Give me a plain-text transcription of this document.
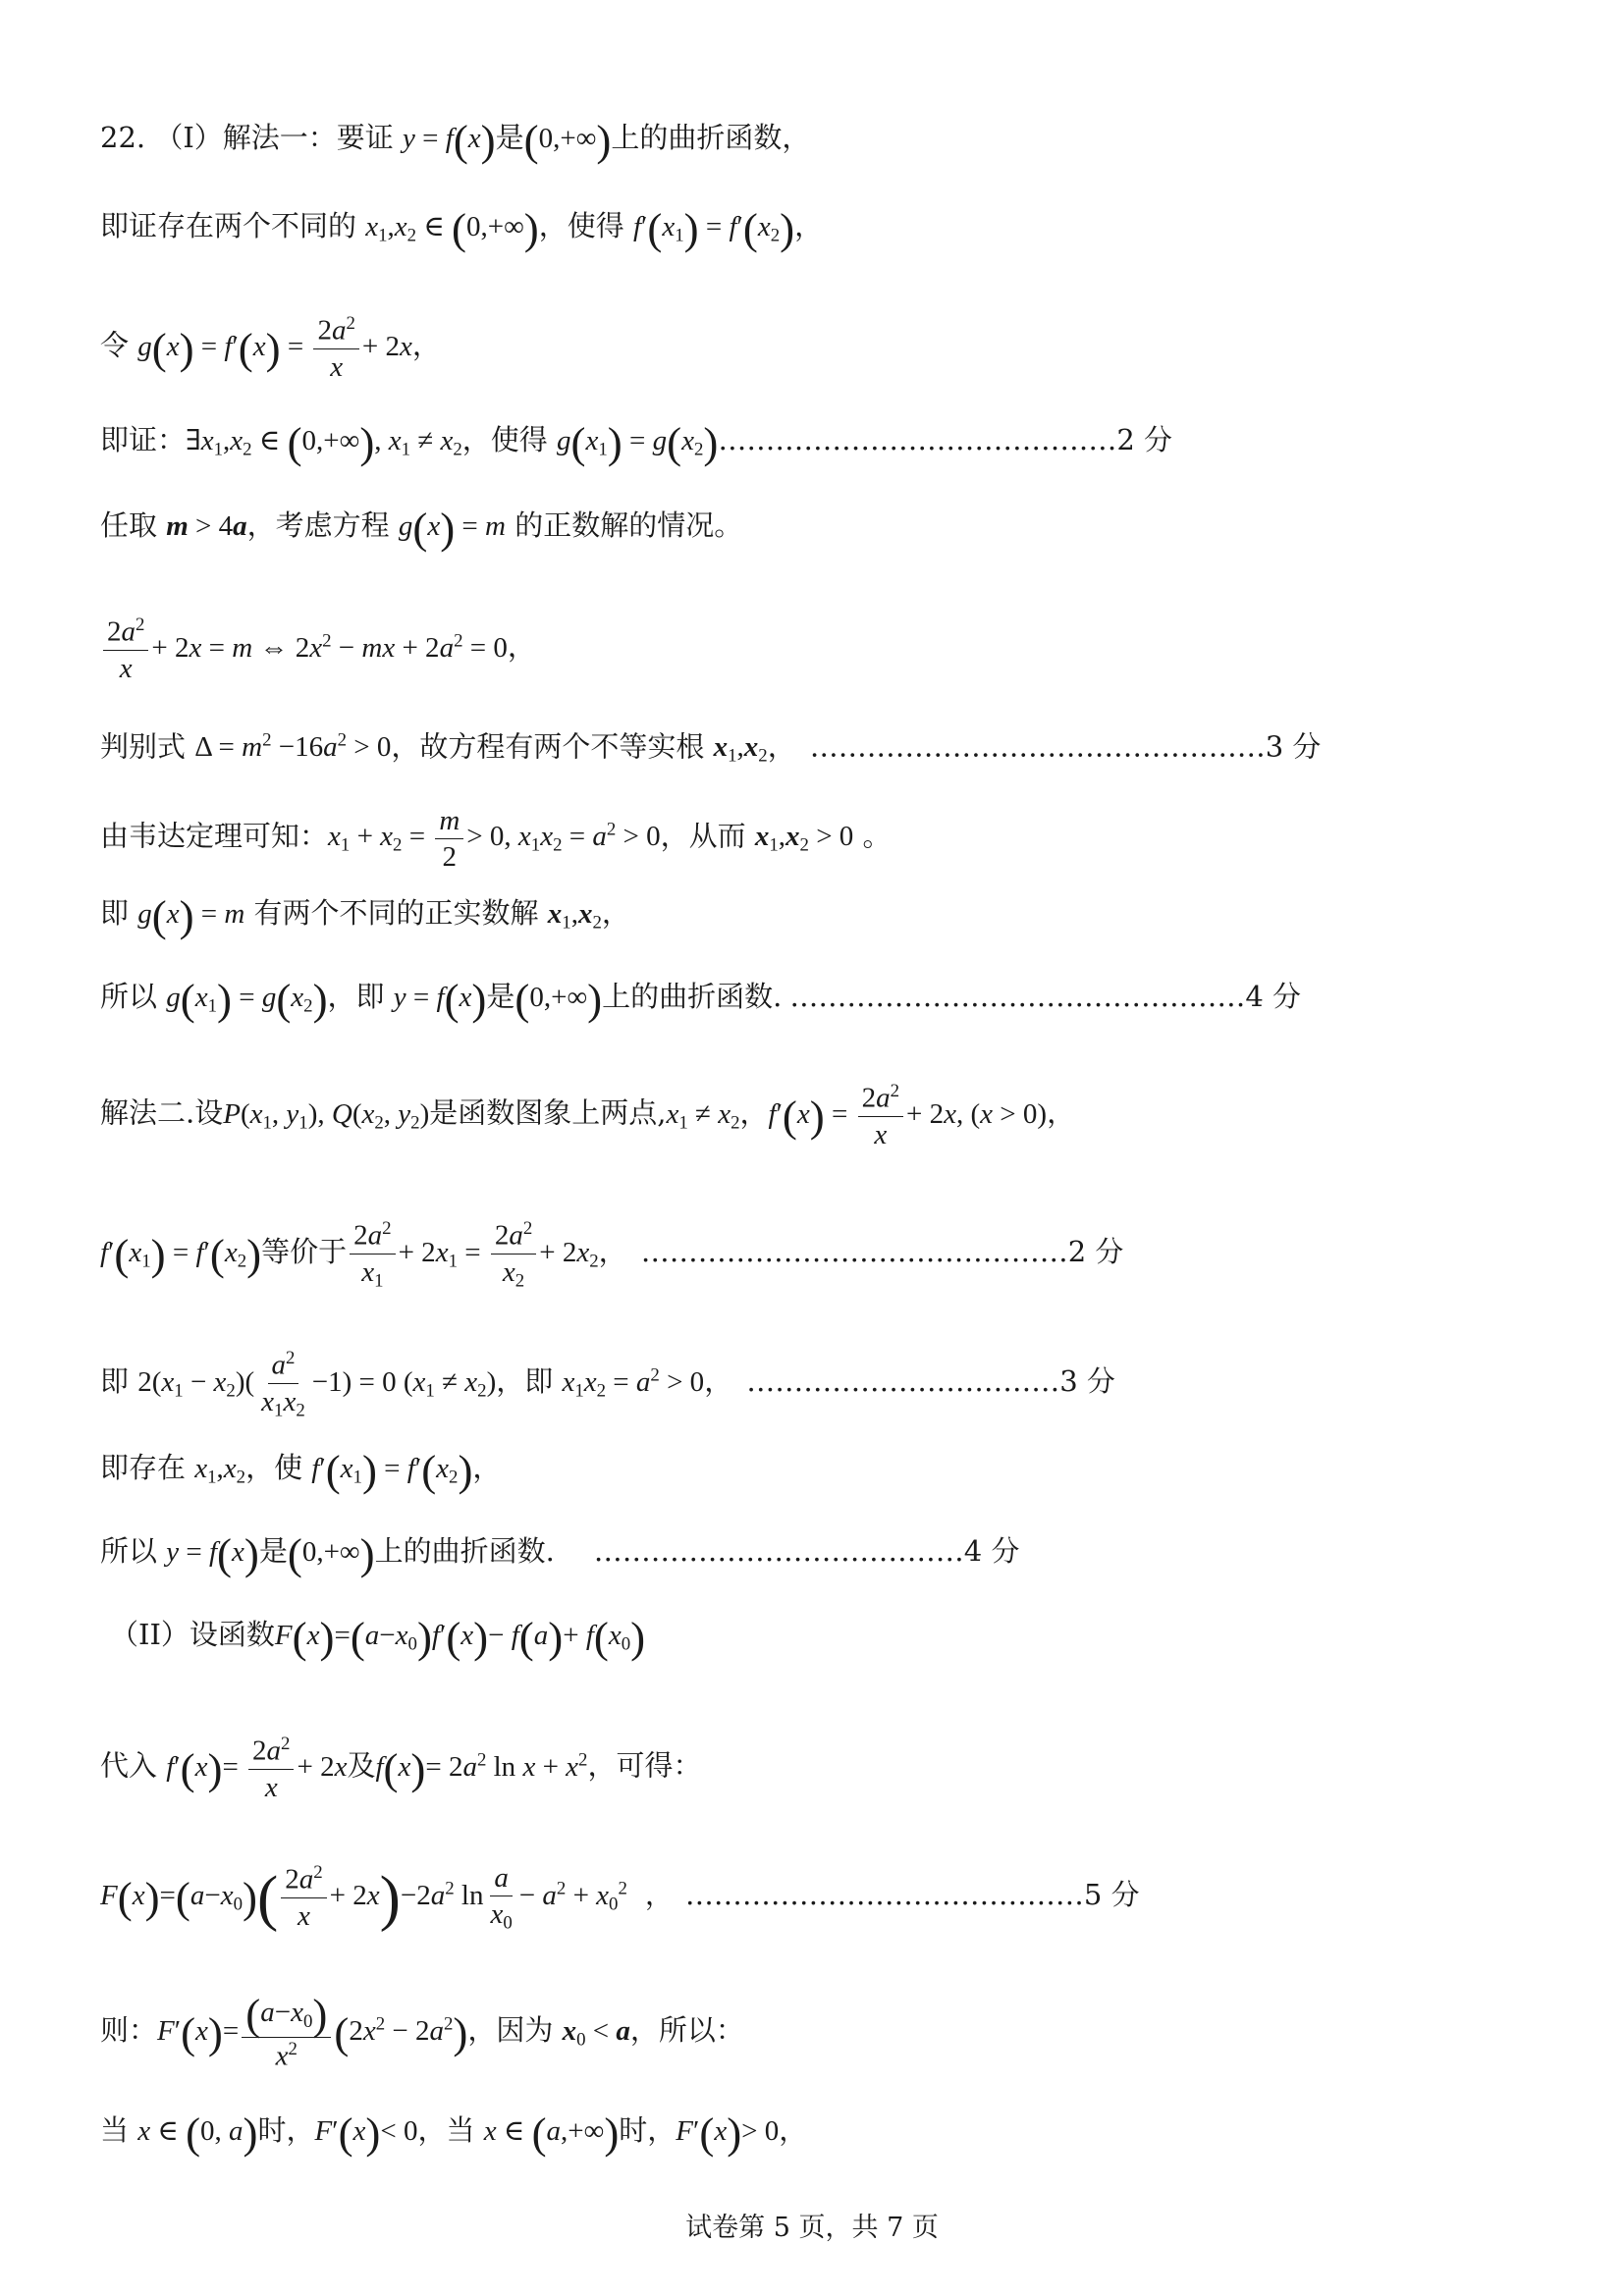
22. （I）解法一：要证 y = f(x)是(0,+∞)上的曲折函数，
即证存在两个不同的 $x_1,x_2$ ∈ (0,+∞)，使得 $f'(x_1) = f'(x_2)$，
令 $g(x) = f'(x) = \frac{2a^2}{x} + 2x$，
即证：$\exists x_1,x_2$ ∈ (0,+∞), $x_1 \ne x_2$，使得 $g(x_1)$ = $g(x_2)\dots\dots\dots\dots\dots\dots\dots\dots\dots\dots\dots\dots\dots\dots 2$ 分
任取 m > 4a，考虑方程 g(x) = m 的正数解的情况。
$\frac{2a^2}{x} + 2x = m$ ⇔ $2x^2$ − mx + $2a^2 = 0$，
判别式 $\Delta = m^2 -16a^2 > 0$，故方程有两个不等实根 $x_1,x_2$， …………………………………………3 分
由韦达定理可知：$x_1 + x_2 = \frac{m}{2} > 0$, $x_1x_2 = a^2 > 0$，从而 $x_1,x_2 > 0$ 。
即 g(x) = m 有两个不同的正实数解 $x_1,x_2$，
所以 $g(x_1) = g(x_2)$，即 y = f(x)是(0,+∞)上的曲折函数. …………………………………………4 分
解法二.设$P(x_1$, $y_1$), $Q(x_2$, $y_2$)是函数图象上两点$,x_1 \ne x_2$，$f'(x) = \frac{2a^2}{x} + 2x$, (x > 0)，
$f'(x_1) = f'(x_2)$等价于 $\frac{2a^2}{x_1} + 2x_1 = \frac{2a^2}{x_2} + 2x_2$， ………………………………………2 分
即 $2(x_1 - x_2)( \frac{a^2}{x_1x_2} -1) = 0$ $(x_1 \ne x_2)$，即 $x_1x_2 = a^2 > 0$， ……………………………3 分
即存在 $x_1,x_2$，使 $f'(x_1) = f'(x_2)$，
所以 y = f(x)是(0,+∞)上的曲折函数. …………………………………4 分
（II）设函数$F(x)=(a-x_0)f'(x)- f(a)+ f(x_0)$
代入 $f'(x)= \frac{2a^2}{x} + 2x$及$f(x)= 2a^2$ $\ln x + x^2$，可得：
$F(x)=(a-x_0)( \frac{2a^2}{x} + 2x)-2a^2$ $\ln \frac{a}{x_0} - a^2 + x_0^2$ ， ……………………………………5 分
则：$F'(x)= \frac{(a-x_0)}{x^2} (2x^2 - 2a^2)$，因为 $x_0 < a$，所以：
当 x ∈ (0, a)时，F′(x)< 0，当 x ∈ (a,+∞)时，F′(x)> 0，
试卷第 5 页，共 7 页
